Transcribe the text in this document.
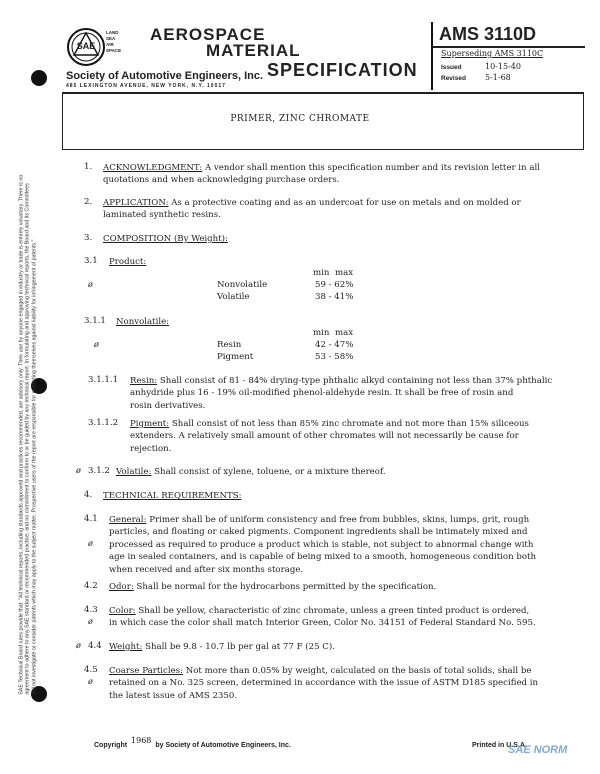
SAE Technical Board rules provide that: "All technical reports, including standards approved and practices recommended, are advisory only. Their use by anyone engaged in industry or trade is entirely voluntary. There is no agreement to adhere to any SAE standard or recommended practice, and no commitment to conform to or be guided by any technical report. In formulating and approving technical reports, the Board and its Committees will not investigate or consider patents which may apply to the subject matter. Prospective users of the report are responsible for protecting themselves against liability for infringement of patents."
SAE
LAND
SEA
AIR
SPACE
AEROSPACE
MATERIAL
SPECIFICATION
Society of Automotive Engineers, Inc.
485 LEXINGTON AVENUE, NEW YORK, N.Y. 10017
AMS 3110D
Superseding AMS 3110C
Issued	10-15-40
Revised 5-1-68
PRIMER, ZINC CHROMATE
1. ACKNOWLEDGMENT: A vendor shall mention this specification number and its revision letter in all
quotations and when acknowledging purchase orders.
2. APPLICATION: As a protective coating and as an undercoat for use on metals and on molded or
laminated synthetic resins.
3. COMPOSITION (By Weight):
3.1 Product:
min max
ø	Nonvolatile	59 - 62%
Volatile	38 - 41%
3.1.1 Nonvolatile:
min max
ø	Resin	42 - 47%
Pigment	53 - 58%
3.1.1.1 Resin: Shall consist of 81 - 84% drying-type phthalic alkyd containing not less than 37% phthalic
anhydride plus 16 - 19% oil-modified phenol-aldehyde resin. It shall be free of rosin and
rosin derivatives.
3.1.1.2 Pigment: Shall consist of not less than 85% zinc chromate and not more than 15% siliceous
extenders. A relatively small amount of other chromates will not necessarily be cause for
rejection.
ø 3.1.2 Volatile: Shall consist of xylene, toluene, or a mixture thereof.
4. TECHNICAL REQUIREMENTS:
4.1
ø
General: Primer shall be of uniform consistency and free from bubbles, skins, lumps, grit, rough
particles, and floating or caked pigments. Component ingredients shall be intimately mixed and
processed as required to produce a product which is stable, not subject to abnormal change with
age in sealed containers, and is capable of being mixed to a smooth, homogeneous condition both
when received and after six months storage.
4.2 Odor: Shall be normal for the hydrocarbons permitted by the specification.
4.3
ø
Color: Shall be yellow, characteristic of zinc chromate, unless a green tinted product is ordered,
in which case the color shall match Interior Green, Color No. 34151 of Federal Standard No. 595.
ø 4.4 Weight: Shall be 9.8 - 10.7 lb per gal at 77 F (25 C).
4.5
ø
Coarse Particles: Not more than 0.05% by weight, calculated on the basis of total solids, shall be
retained on a No. 325 screen, determined in accordance with the issue of ASTM D185 specified in
the latest issue of AMS 2350.
Copyright 1968 by Society of Automotive Engineers, Inc.	Printed in U.S.A.
SAE NORM
